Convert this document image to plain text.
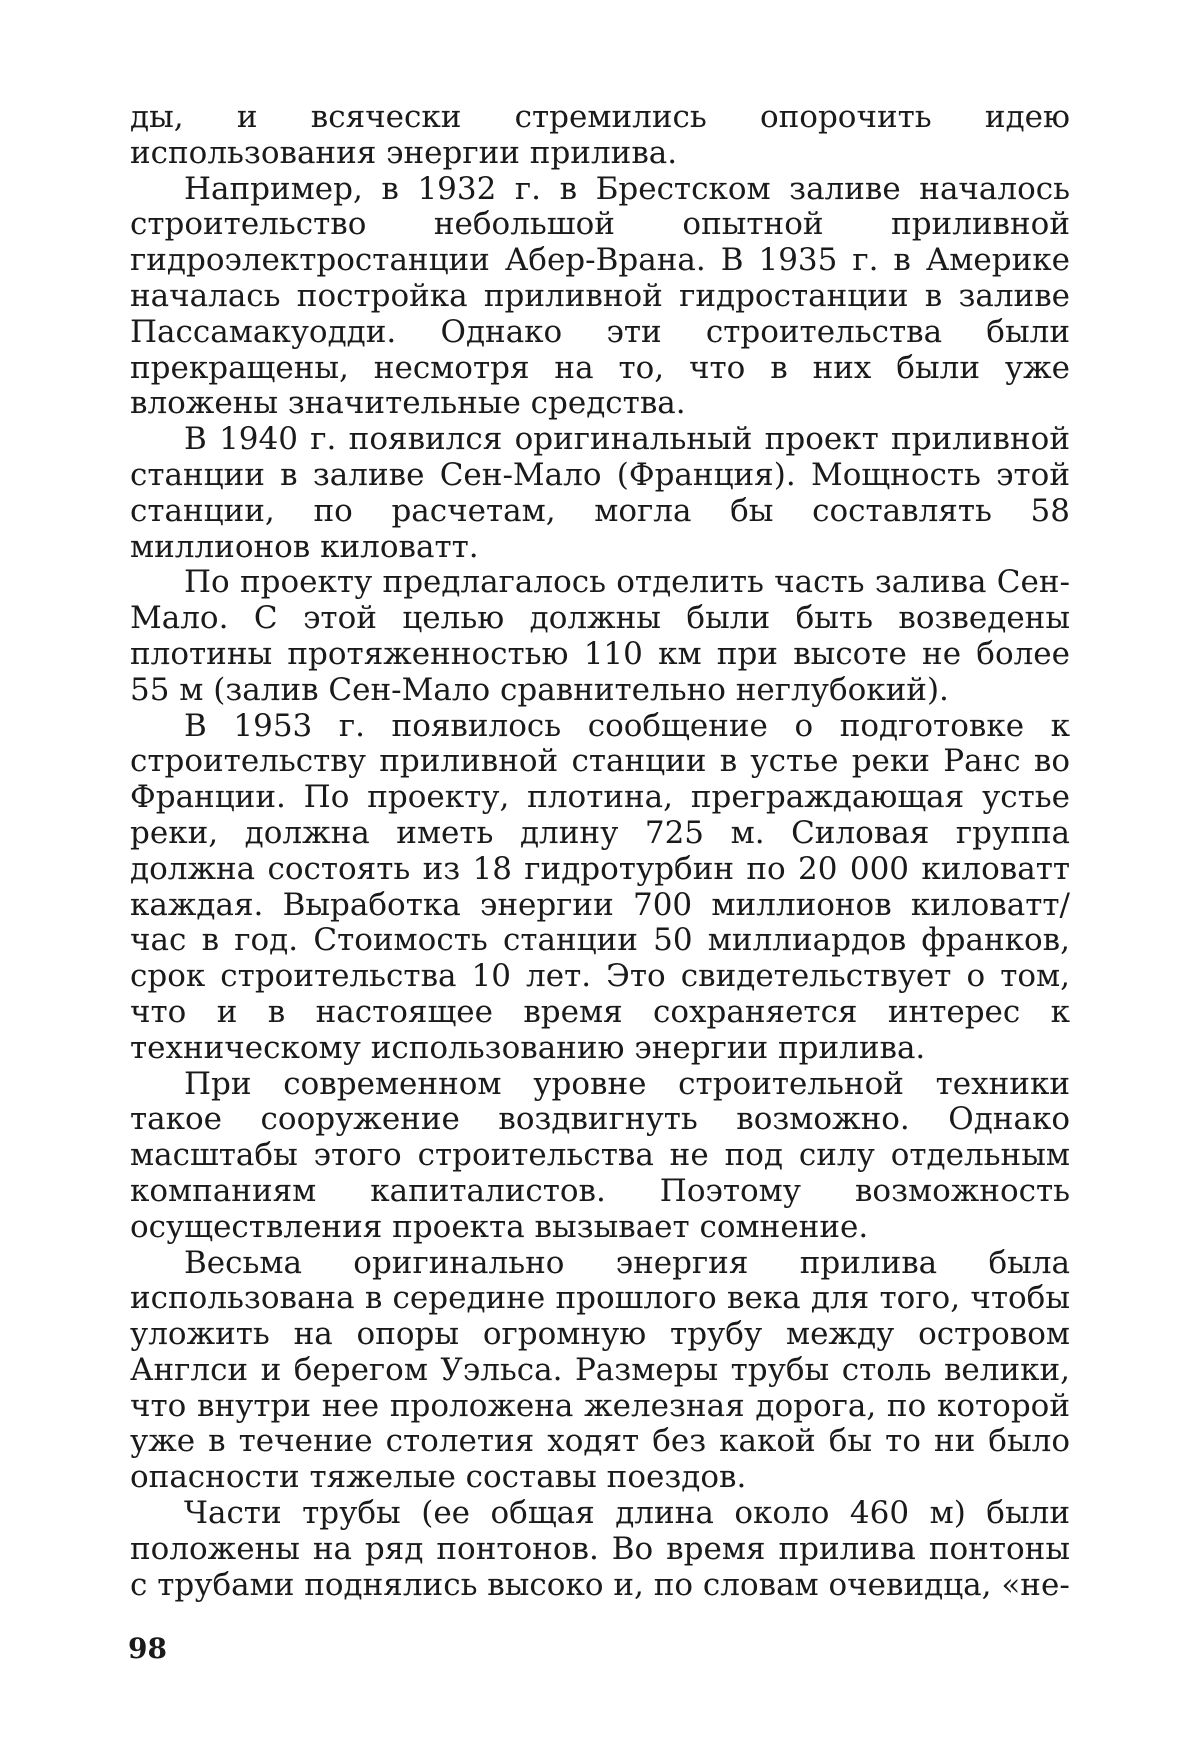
ды, и всячески стремились опорочить идею использования энергии прилива.

Например, в 1932 г. в Брестском заливе началось строительство небольшой опытной приливной гидроэлектростанции Абер-Врана. В 1935 г. в Америке началась постройка приливной гидростанции в заливе Пассамакуодди. Однако эти строительства были прекращены, несмотря на то, что в них были уже вложены значительные средства.

В 1940 г. появился оригинальный проект приливной станции в заливе Сен-Мало (Франция). Мощность этой станции, по расчетам, могла бы составлять 58 миллионов киловатт.

По проекту предлагалось отделить часть залива Сен-Мало. С этой целью должны были быть возведены плотины протяженностью 110 км при высоте не более 55 м (залив Сен-Мало сравнительно неглубокий).

В 1953 г. появилось сообщение о подготовке к строительству приливной станции в устье реки Ранс во Франции. По проекту, плотина, преграждающая устье реки, должна иметь длину 725 м. Силовая группа должна состоять из 18 гидротурбин по 20 000 киловатт каждая. Выработка энергии 700 миллионов киловатт/час в год. Стоимость станции 50 миллиардов франков, срок строительства 10 лет. Это свидетельствует о том, что и в настоящее время сохраняется интерес к техническому использованию энергии прилива.

При современном уровне строительной техники такое сооружение воздвигнуть возможно. Однако масштабы этого строительства не под силу отдельным компаниям капиталистов. Поэтому возможность осуществления проекта вызывает сомнение.

Весьма оригинально энергия прилива была использована в середине прошлого века для того, чтобы уложить на опоры огромную трубу между островом Англси и берегом Уэльса. Размеры трубы столь велики, что внутри нее проложена железная дорога, по которой уже в течение столетия ходят без какой бы то ни было опасности тяжелые составы поездов.

Части трубы (ее общая длина около 460 м) были положены на ряд понтонов. Во время прилива понтоны с трубами поднялись высоко и, по словам очевидца, «не-

98
